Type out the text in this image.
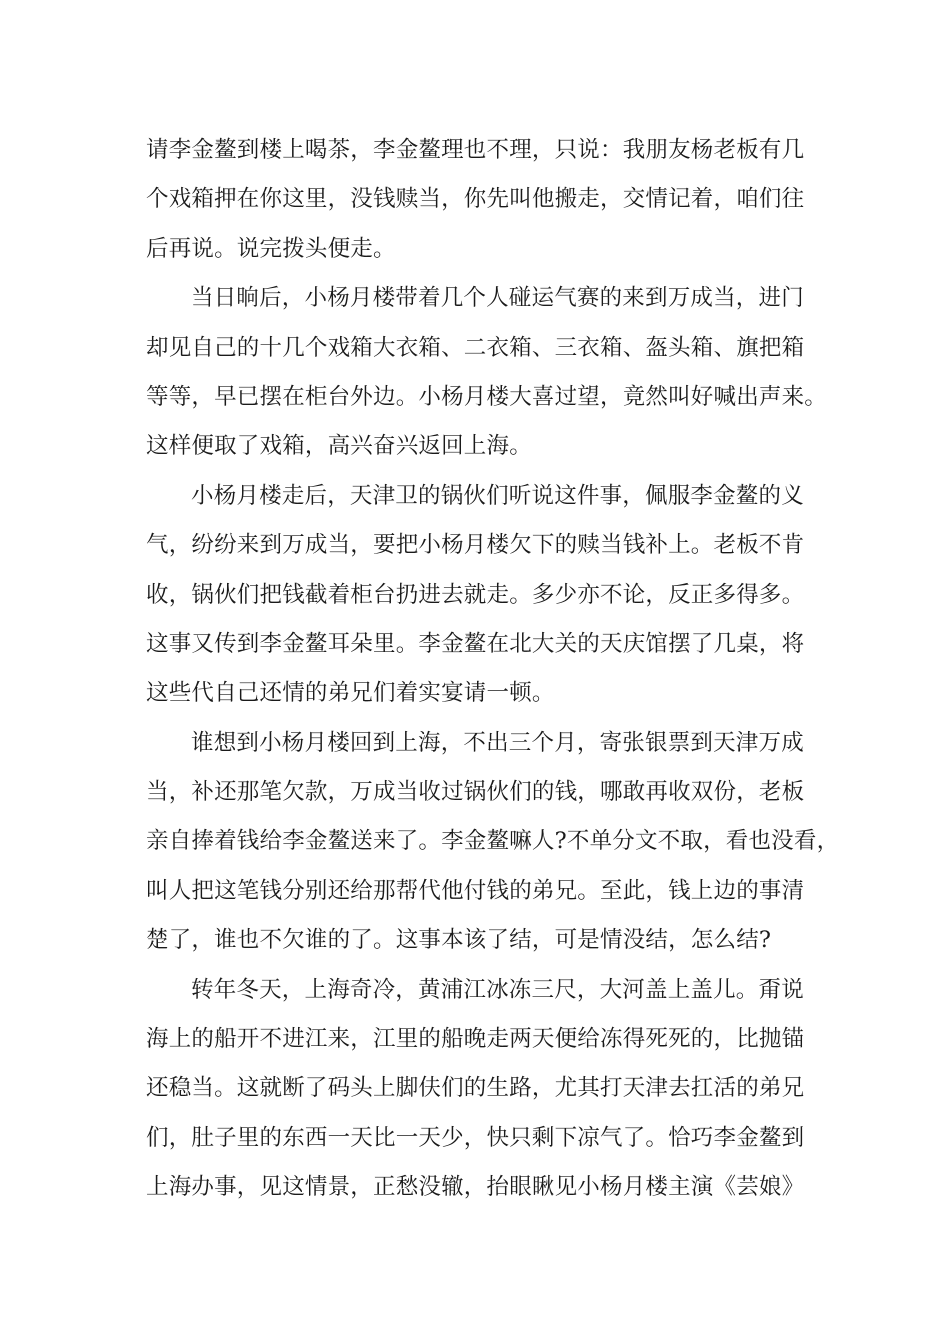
请李金鳌到楼上喝茶，李金鳌理也不理，只说：我朋友杨老板有几
个戏箱押在你这里，没钱赎当，你先叫他搬走，交情记着，咱们往
后再说。说完拨头便走。
当日晌后，小杨月楼带着几个人碰运气赛的来到万成当，进门
却见自己的十几个戏箱大衣箱、二衣箱、三衣箱、盔头箱、旗把箱
等等，早已摆在柜台外边。小杨月楼大喜过望，竟然叫好喊出声来。
这样便取了戏箱，高兴奋兴返回上海。
小杨月楼走后，天津卫的锅伙们听说这件事，佩服李金鳌的义
气，纷纷来到万成当，要把小杨月楼欠下的赎当钱补上。老板不肯
收，锅伙们把钱截着柜台扔进去就走。多少亦不论，反正多得多。
这事又传到李金鳌耳朵里。李金鳌在北大关的天庆馆摆了几桌，将
这些代自己还情的弟兄们着实宴请一顿。
谁想到小杨月楼回到上海，不出三个月，寄张银票到天津万成
当，补还那笔欠款，万成当收过锅伙们的钱，哪敢再收双份，老板
亲自捧着钱给李金鳌送来了。李金鳌嘛人?不单分文不取，看也没看，
叫人把这笔钱分别还给那帮代他付钱的弟兄。至此，钱上边的事清
楚了，谁也不欠谁的了。这事本该了结，可是情没结，怎么结?
转年冬天，上海奇冷，黄浦江冰冻三尺，大河盖上盖儿。甭说
海上的船开不进江来，江里的船晚走两天便给冻得死死的，比抛锚
还稳当。这就断了码头上脚伕们的生路，尤其打天津去扛活的弟兄
们，肚子里的东西一天比一天少，快只剩下凉气了。恰巧李金鳌到
上海办事，见这情景，正愁没辙，抬眼瞅见小杨月楼主演《芸娘》
